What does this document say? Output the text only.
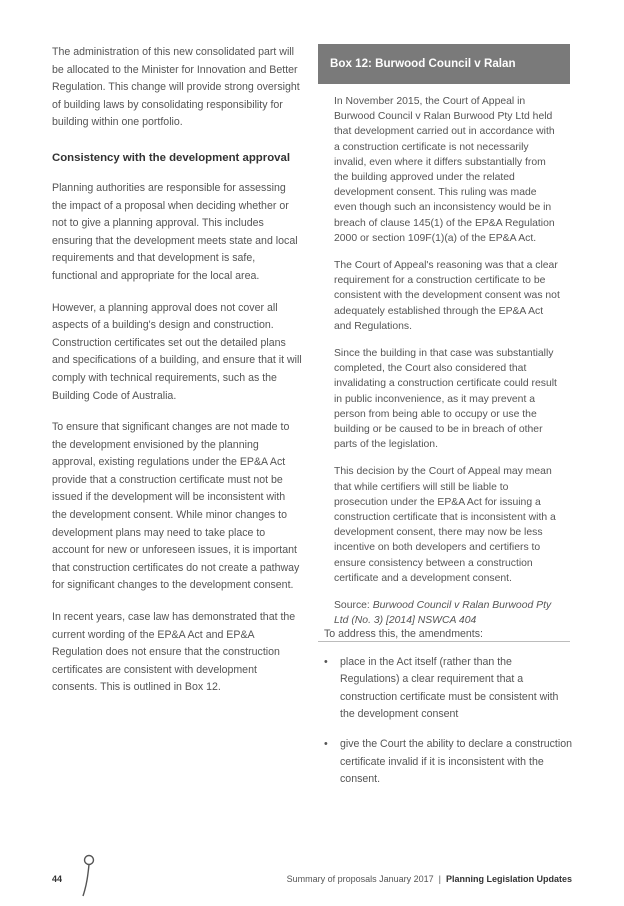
The administration of this new consolidated part will be allocated to the Minister for Innovation and Better Regulation. This change will provide strong oversight of building laws by consolidating responsibility for building within one portfolio.

Consistency with the development approval

Planning authorities are responsible for assessing the impact of a proposal when deciding whether or not to give a planning approval. This includes ensuring that the development meets state and local requirements and that development is safe, functional and appropriate for the local area.

However, a planning approval does not cover all aspects of a building's design and construction. Construction certificates set out the detailed plans and specifications of a building, and ensure that it will comply with technical requirements, such as the Building Code of Australia.

To ensure that significant changes are not made to the development envisioned by the planning approval, existing regulations under the EP&A Act provide that a construction certificate must not be issued if the development will be inconsistent with the development consent. While minor changes to development plans may need to take place to account for new or unforeseen issues, it is important that construction certificates do not create a pathway for significant changes to the development consent.

In recent years, case law has demonstrated that the current wording of the EP&A Act and EP&A Regulation does not ensure that the construction certificates are consistent with development consents. This is outlined in Box 12.

Box 12: Burwood Council v Ralan

In November 2015, the Court of Appeal in Burwood Council v Ralan Burwood Pty Ltd held that development carried out in accordance with a construction certificate is not necessarily invalid, even where it differs substantially from the building approved under the related development consent. This ruling was made even though such an inconsistency would be in breach of clause 145(1) of the EP&A Regulation 2000 or section 109F(1)(a) of the EP&A Act.

The Court of Appeal's reasoning was that a clear requirement for a construction certificate to be consistent with the development consent was not adequately established through the EP&A Act and Regulations.

Since the building in that case was substantially completed, the Court also considered that invalidating a construction certificate could result in public inconvenience, as it may prevent a person from being able to occupy or use the building or be caused to be in breach of other parts of the legislation.

This decision by the Court of Appeal may mean that while certifiers will still be liable to prosecution under the EP&A Act for issuing a construction certificate that is inconsistent with a development consent, there may now be less incentive on both developers and certifiers to ensure consistency between a construction certificate and a development consent.

Source: Burwood Council v Ralan Burwood Pty Ltd (No. 3) [2014] NSWCA 404

To address this, the amendments:

• place in the Act itself (rather than the Regulations) a clear requirement that a construction certificate must be consistent with the development consent
• give the Court the ability to declare a construction certificate invalid if it is inconsistent with the consent.
44	Summary of proposals January 2017 | Planning Legislation Updates
